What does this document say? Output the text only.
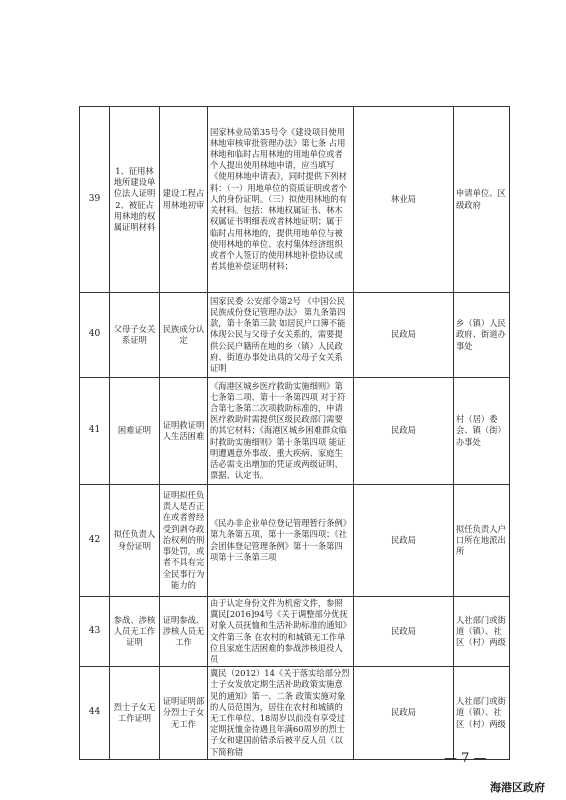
39	1、征用林地所建设单位法人证明2、被征占用林地的权属证明材料	建设工程占用林地初审	国家林业局第35号令《建设项目使用林地审核审批管理办法》第七条 占用林地和临时占用林地的用地单位或者个人提出使用林地申请，应当填写《使用林地申请表》，同时提供下列材料：（一）用地单位的资质证明或者个人的身份证明。（三）拟使用林地的有关材料。包括：林地权属证书、林木权属证书明细表或者林地证明；属于临时占用林地的，提供用地单位与被使用林地的单位、农村集体经济组织或者个人签订的使用林地补偿协议或者其他补偿证明材料；	林业局	申请单位、区级政府
40	父母子女关系证明	民族成分认定	国家民委 公安部令第2号 《中国公民民族成份登记管理办法》 第九条第四款，第十条第三款 如居民户口簿不能体现公民与父母子女关系的，需要提供公民户籍所在地的乡（镇）人民政府、街道办事处出具的父母子女关系证明	民政局	乡（镇）人民政府、街道办事处
41	困难证明	证明救证明人生活困难	《海港区城乡医疗救助实施细则》第七条第二项、第十一条第四项 对于符合第七条第二次项救助标准的，申请医疗救助时需提供区级民政部门需要的其它材料；《海港区城乡困难群众临时救助实施细则》第十条第四项 能证明遭遇意外事故、重大疾病、家庭生活必需支出增加的凭证或两级证明、票据、认定书。	民政局	村（居）委会、镇（街）办事处
42	拟任负责人身份证明	证明拟任负责人是否正在或者曾经受到剥夺政治权利的刑事处罚，或者不具有完全民事行为能力的	《民办非企业单位登记管理暂行条例》第九条第五项、第十一条第四项；《社会团体登记管理条例》第十一条第四项第十三条第三项	民政局	拟任负责人户口所在地派出所
43	参战、涉核人员无工作证明	证明参战、涉核人员无工作	由于认定身份文件为机密文件，参照冀民[2016]94号《关于调整部分优抚对象人员抚恤和生活补助标准的通知》文件第三条 在农村的和城镇无工作单位且家庭生活困难的参战涉核退役人员	民政局	人社部门或街道（镇）、社区（村）两级
44	烈士子女无工作证明	证明证明部分烈士子女无工作	冀民（2012）14《关于落实给部分烈士子女发放定期生活补助政策实施意见的通知》第一、二条 政策实施对象的人员范围为，居住在农村和城镇的无工作单位、18周岁以前没有享受过定期抚恤金待遇且年满60周岁的烈士子女和建国前错杀后被平反人员（以下简称错	民政局	人社部门或街道（镇）、社区（村）两级
— 7 —
海港区政府
